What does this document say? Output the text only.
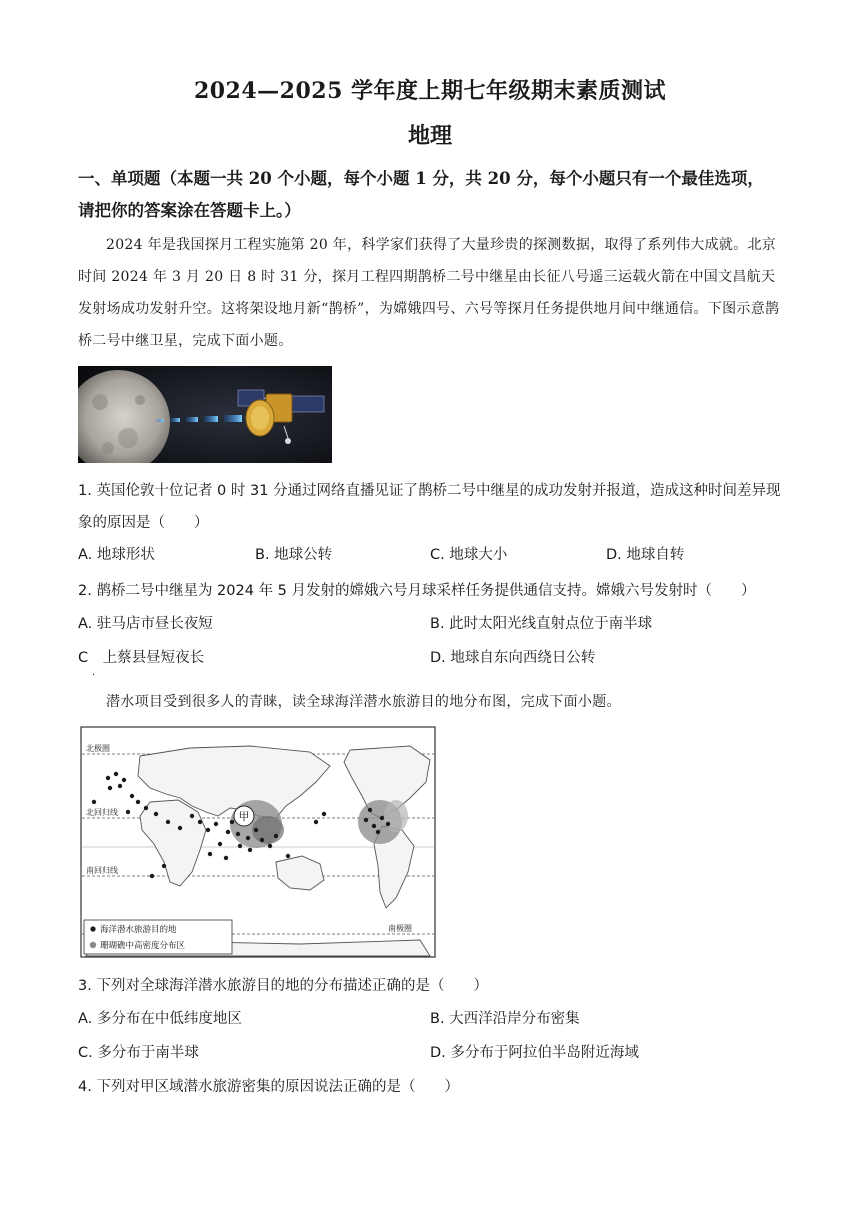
2024—2025 学年度上期七年级期末素质测试
地理
一、单项题（本题一共 20 个小题，每个小题 1 分，共 20 分，每个小题只有一个最佳选项，请把你的答案涂在答题卡上。）
2024 年是我国探月工程实施第 20 年，科学家们获得了大量珍贵的探测数据，取得了系列伟大成就。北京时间 2024 年 3 月 20 日 8 时 31 分，探月工程四期鹊桥二号中继星由长征八号遥三运载火箭在中国文昌航天发射场成功发射升空。这将架设地月新“鹊桥”，为嫦娥四号、六号等探月任务提供地月间中继通信。下图示意鹊桥二号中继卫星，完成下面小题。
1. 英国伦敦十位记者 0 时 31 分通过网络直播见证了鹊桥二号中继星的成功发射并报道，造成这种时间差异现象的原因是（　　）
A. 地球形状	B. 地球公转	C. 地球大小	D. 地球自转
2. 鹊桥二号中继星为 2024 年 5 月发射的嫦娥六号月球采样任务提供通信支持。嫦娥六号发射时（　　）
A. 驻马店市昼长夜短	B. 此时太阳光线直射点位于南半球
C　上蔡县昼短夜长	D. 地球自东向西绕日公转
·
潜水项目受到很多人的青睐，读全球海洋潜水旅游目的地分布图，完成下面小题。
甲
北极圈
北回归线
南回归线
南极圈
海洋潜水旅游目的地
珊瑚礁中高密度分布区
3. 下列对全球海洋潜水旅游目的地的分布描述正确的是（　　）
A. 多分布在中低纬度地区	B. 大西洋沿岸分布密集
C. 多分布于南半球	D. 多分布于阿拉伯半岛附近海域
4. 下列对甲区域潜水旅游密集的原因说法正确的是（　　）
